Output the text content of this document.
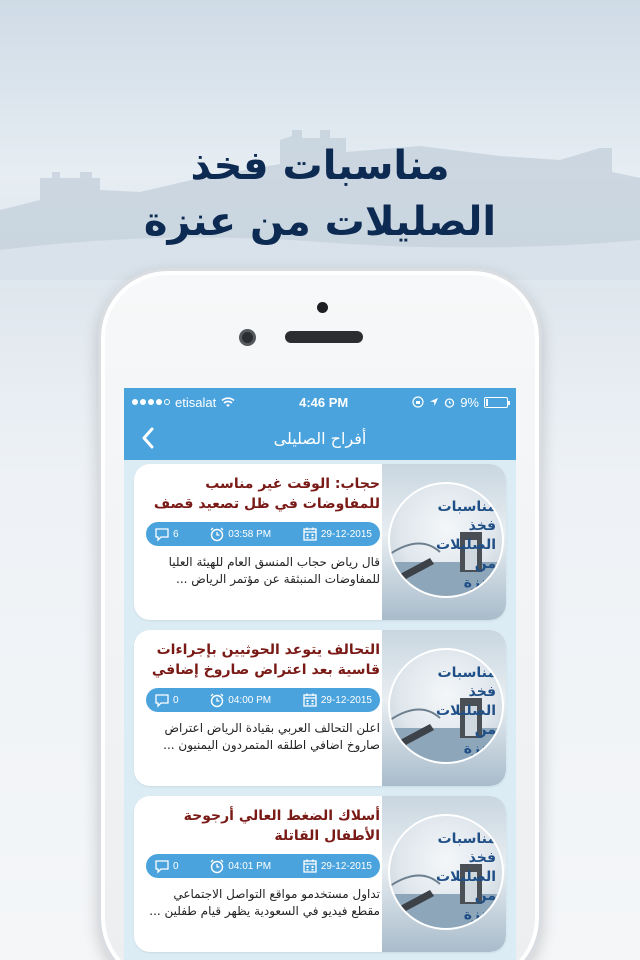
مناسبات فخذ
الصليلات من عنزة
etisalat	4:46 PM	9%
أفراح الصليلى
مناسبات
فخذ
الصليلات
من
عنزة
حجاب: الوقت غير مناسب للمفاوضات في ظل تصعيد قصف
6	03:58 PM	29-12-2015
قال رياض حجاب المنسق العام للهيئة العليا للمفاوضات المنبثقة عن مؤتمر الرياض ...
مناسبات
فخذ
الصليلات
من
عنزة
التحالف يتوعد الحوثيين بإجراءات قاسية بعد اعتراض صاروخ إضافي
0	04:00 PM	29-12-2015
اعلن التحالف العربي بقيادة الرياض اعتراض صاروخ اضافي اطلقه المتمردون اليمنيون ...
مناسبات
فخذ
الصليلات
من
عنزة
أسلاك الضغط العالي أرجوحة الأطفال القاتلة
0	04:01 PM	29-12-2015
تداول مستخدمو مواقع التواصل الاجتماعي مقطع فيديو في السعودية يظهر قيام طفلين ...
